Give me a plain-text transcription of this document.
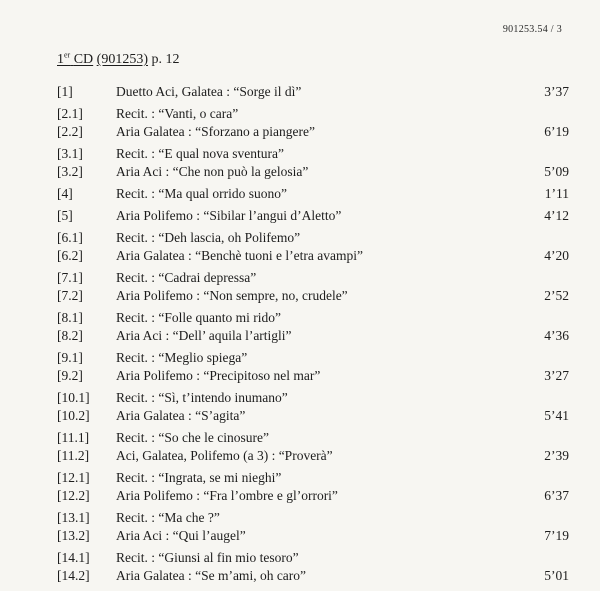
901253.54 / 3
1er CD (901253) p. 12
[1]	Duetto Aci, Galatea : “Sorge il dì”	3’37
[2.1]	Recit. : “Vanti, o cara”
[2.2]	Aria Galatea : “Sforzano a piangere”	6’19
[3.1]	Recit. : “E qual nova sventura”
[3.2]	Aria Aci : “Che non può la gelosia”	5’09
[4]	Recit. : “Ma qual orrido suono”	1’11
[5]	Aria Polifemo : “Sibilar l’angui d’Aletto”	4’12
[6.1]	Recit. : “Deh lascia, oh Polifemo”
[6.2]	Aria Galatea : “Benchè tuoni e l’etra avampi”	4’20
[7.1]	Recit. : “Cadrai depressa”
[7.2]	Aria Polifemo : “Non sempre, no, crudele”	2’52
[8.1]	Recit. : “Folle quanto mi rido”
[8.2]	Aria Aci : “Dell’ aquila l’artigli”	4’36
[9.1]	Recit. : “Meglio spiega”
[9.2]	Aria Polifemo : “Precipitoso nel mar”	3’27
[10.1]	Recit. : “Sì, t’intendo inumano”
[10.2]	Aria Galatea : “S’agita”	5’41
[11.1]	Recit. : “So che le cinosure”
[11.2]	Aci, Galatea, Polifemo (a 3) : “Proverà”	2’39
[12.1]	Recit. : “Ingrata, se mi nieghi”
[12.2]	Aria Polifemo : “Fra l’ombre e gl’orrori”	6’37
[13.1]	Recit. : “Ma che ?”
[13.2]	Aria Aci : “Qui l’augel”	7’19
[14.1]	Recit. : “Giunsi al fin mio tesoro”
[14.2]	Aria Galatea : “Se m’ami, oh caro”	5’01
